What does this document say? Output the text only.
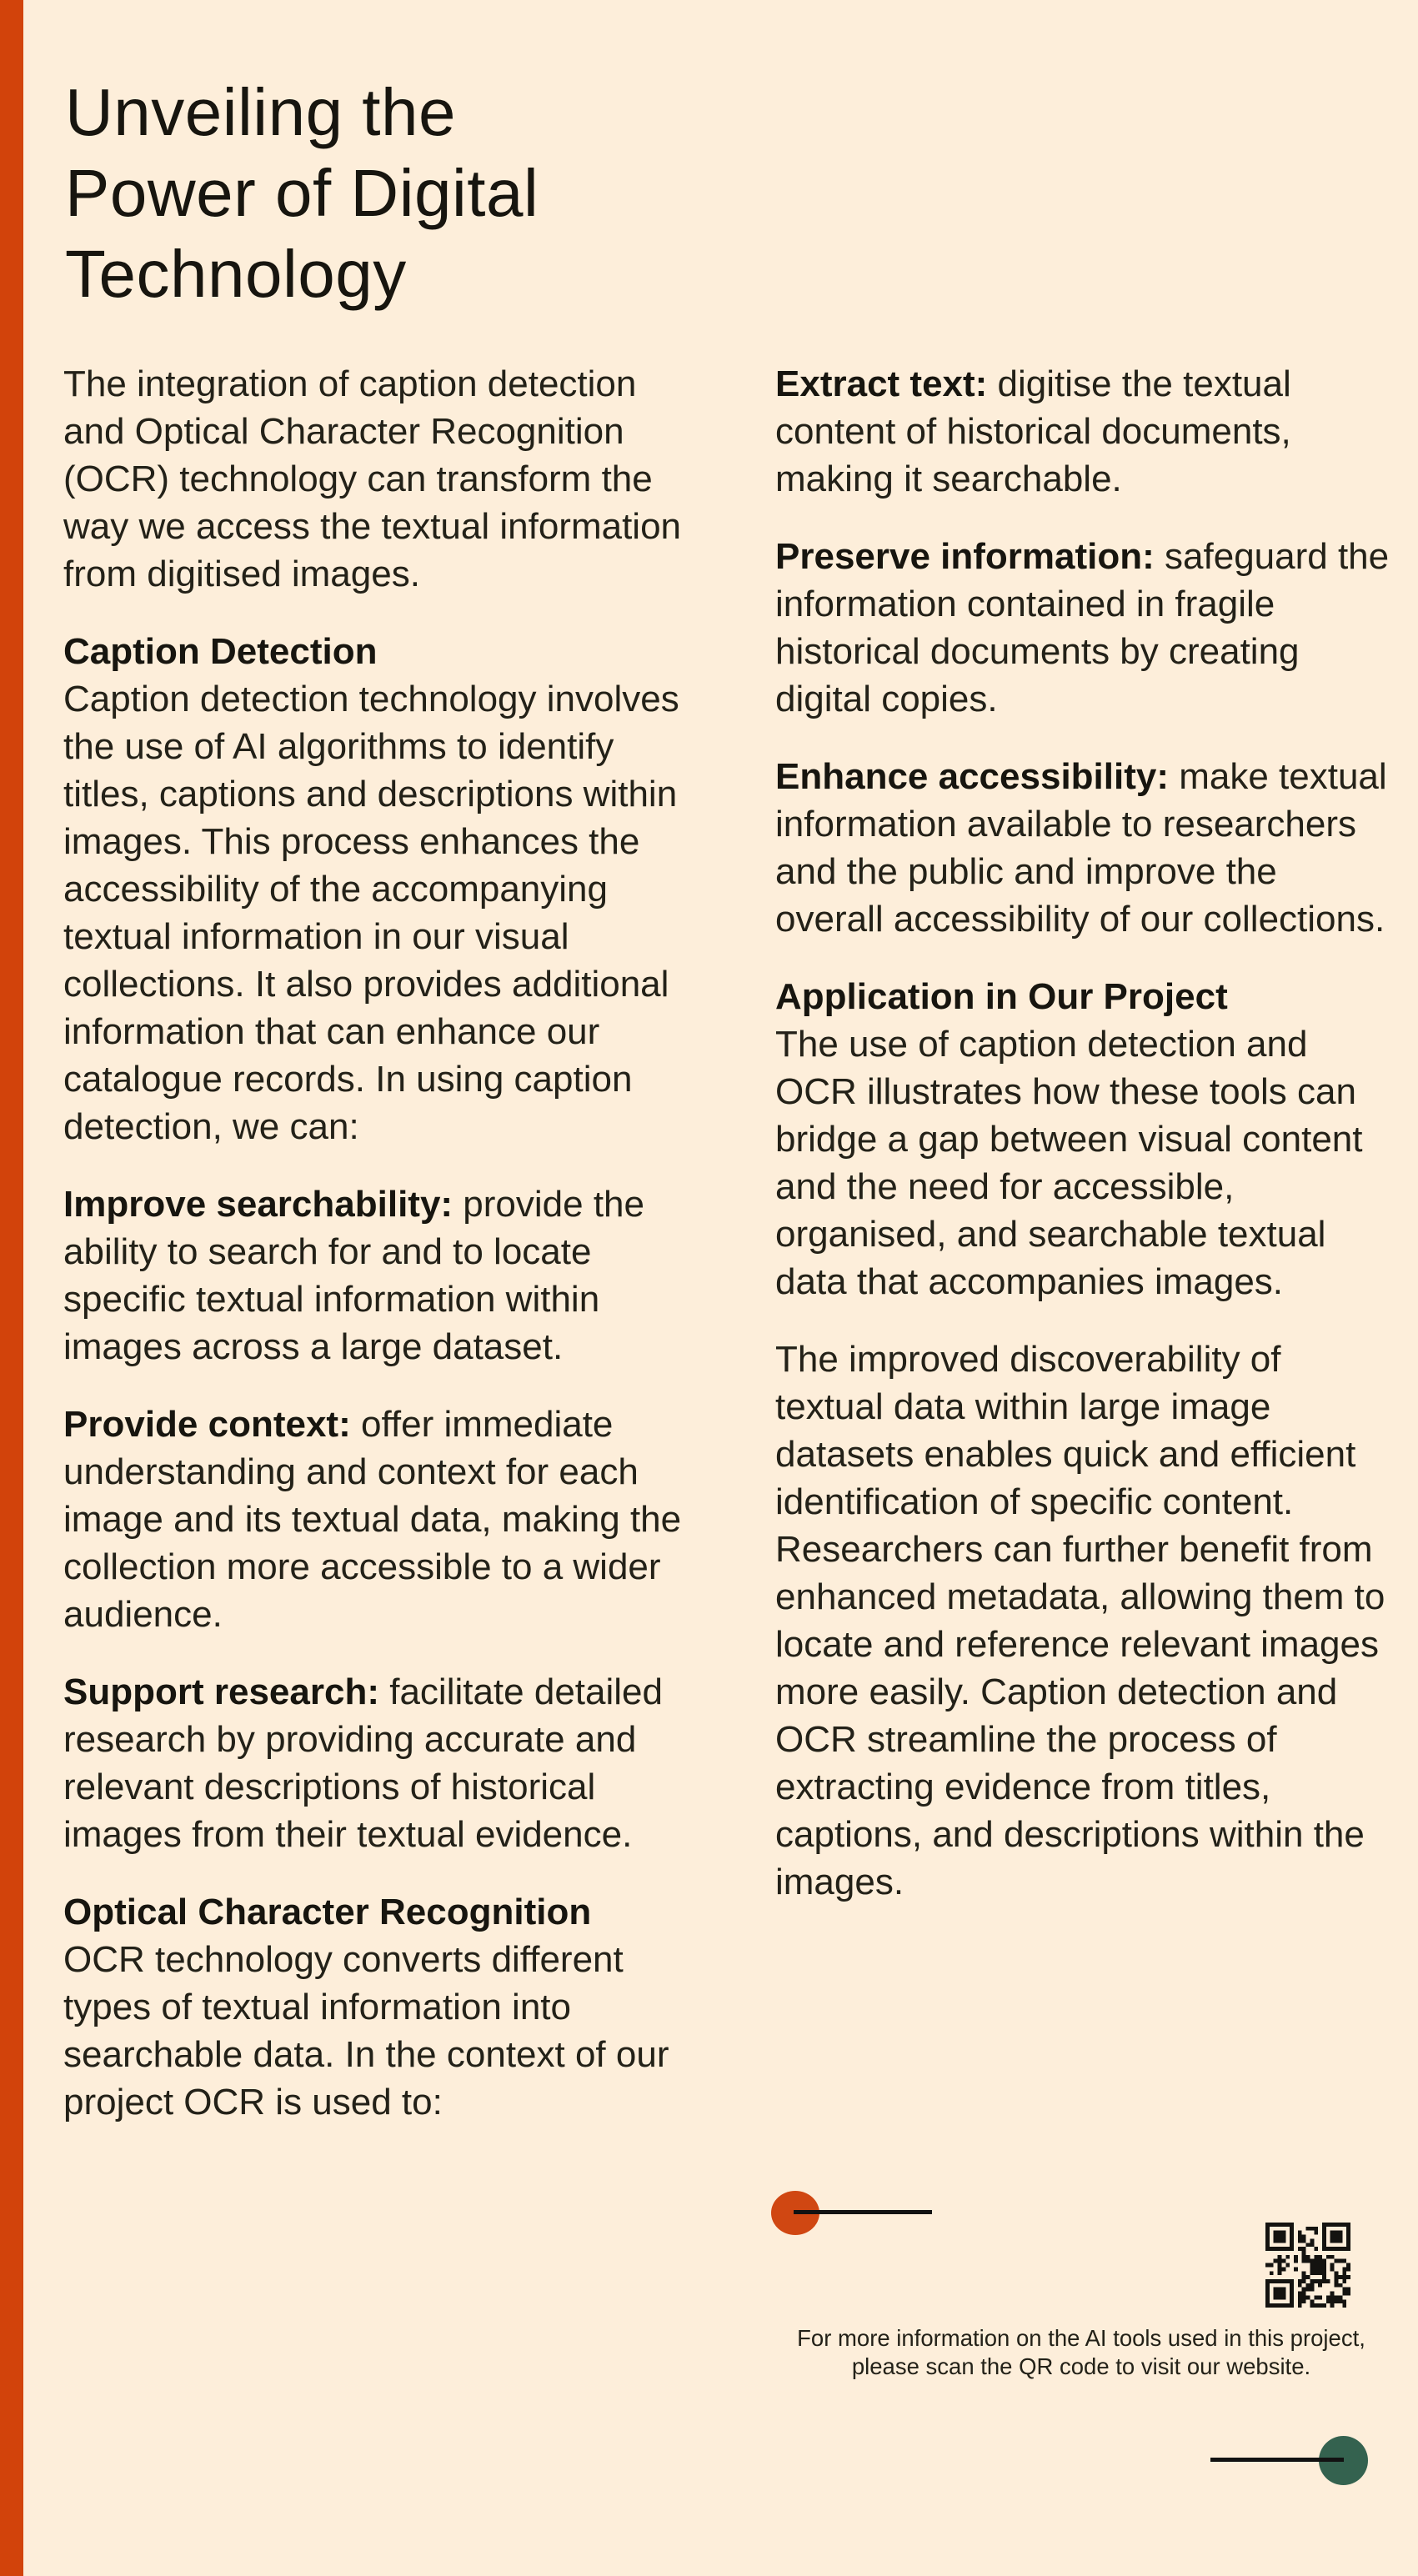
Unveiling the
Power of Digital
Technology
The integration of caption detection and Optical Character Recognition (OCR) technology can transform the way we access the textual information from digitised images.
Caption Detection
Caption detection technology involves the use of AI algorithms to identify titles, captions and descriptions within images. This process enhances the accessibility of the accompanying textual information in our visual collections. It also provides additional information that can enhance our catalogue records. In using caption detection, we can:
Improve searchability: provide the ability to search for and to locate specific textual information within images across a large dataset.
Provide context: offer immediate understanding and context for each image and its textual data, making the collection more accessible to a wider audience.
Support research: facilitate detailed research by providing accurate and relevant descriptions of historical images from their textual evidence.
Optical Character Recognition
OCR technology converts different types of textual information into searchable data. In the context of our project OCR is used to:
Extract text: digitise the textual content of historical documents, making it searchable.
Preserve information: safeguard the information contained in fragile historical documents by creating digital copies.
Enhance accessibility: make textual information available to researchers and the public and improve the overall accessibility of our collections.
Application in Our Project
The use of caption detection and OCR illustrates how these tools can bridge a gap between visual content and the need for accessible, organised, and searchable textual data that accompanies images.
The improved discoverability of textual data within large image datasets enables quick and efficient identification of specific content. Researchers can further benefit from enhanced metadata, allowing them to locate and reference relevant images more easily. Caption detection and OCR streamline the process of extracting evidence from titles, captions, and descriptions within the images.
For more information on the AI tools used in this project, please scan the QR code to visit our website.
